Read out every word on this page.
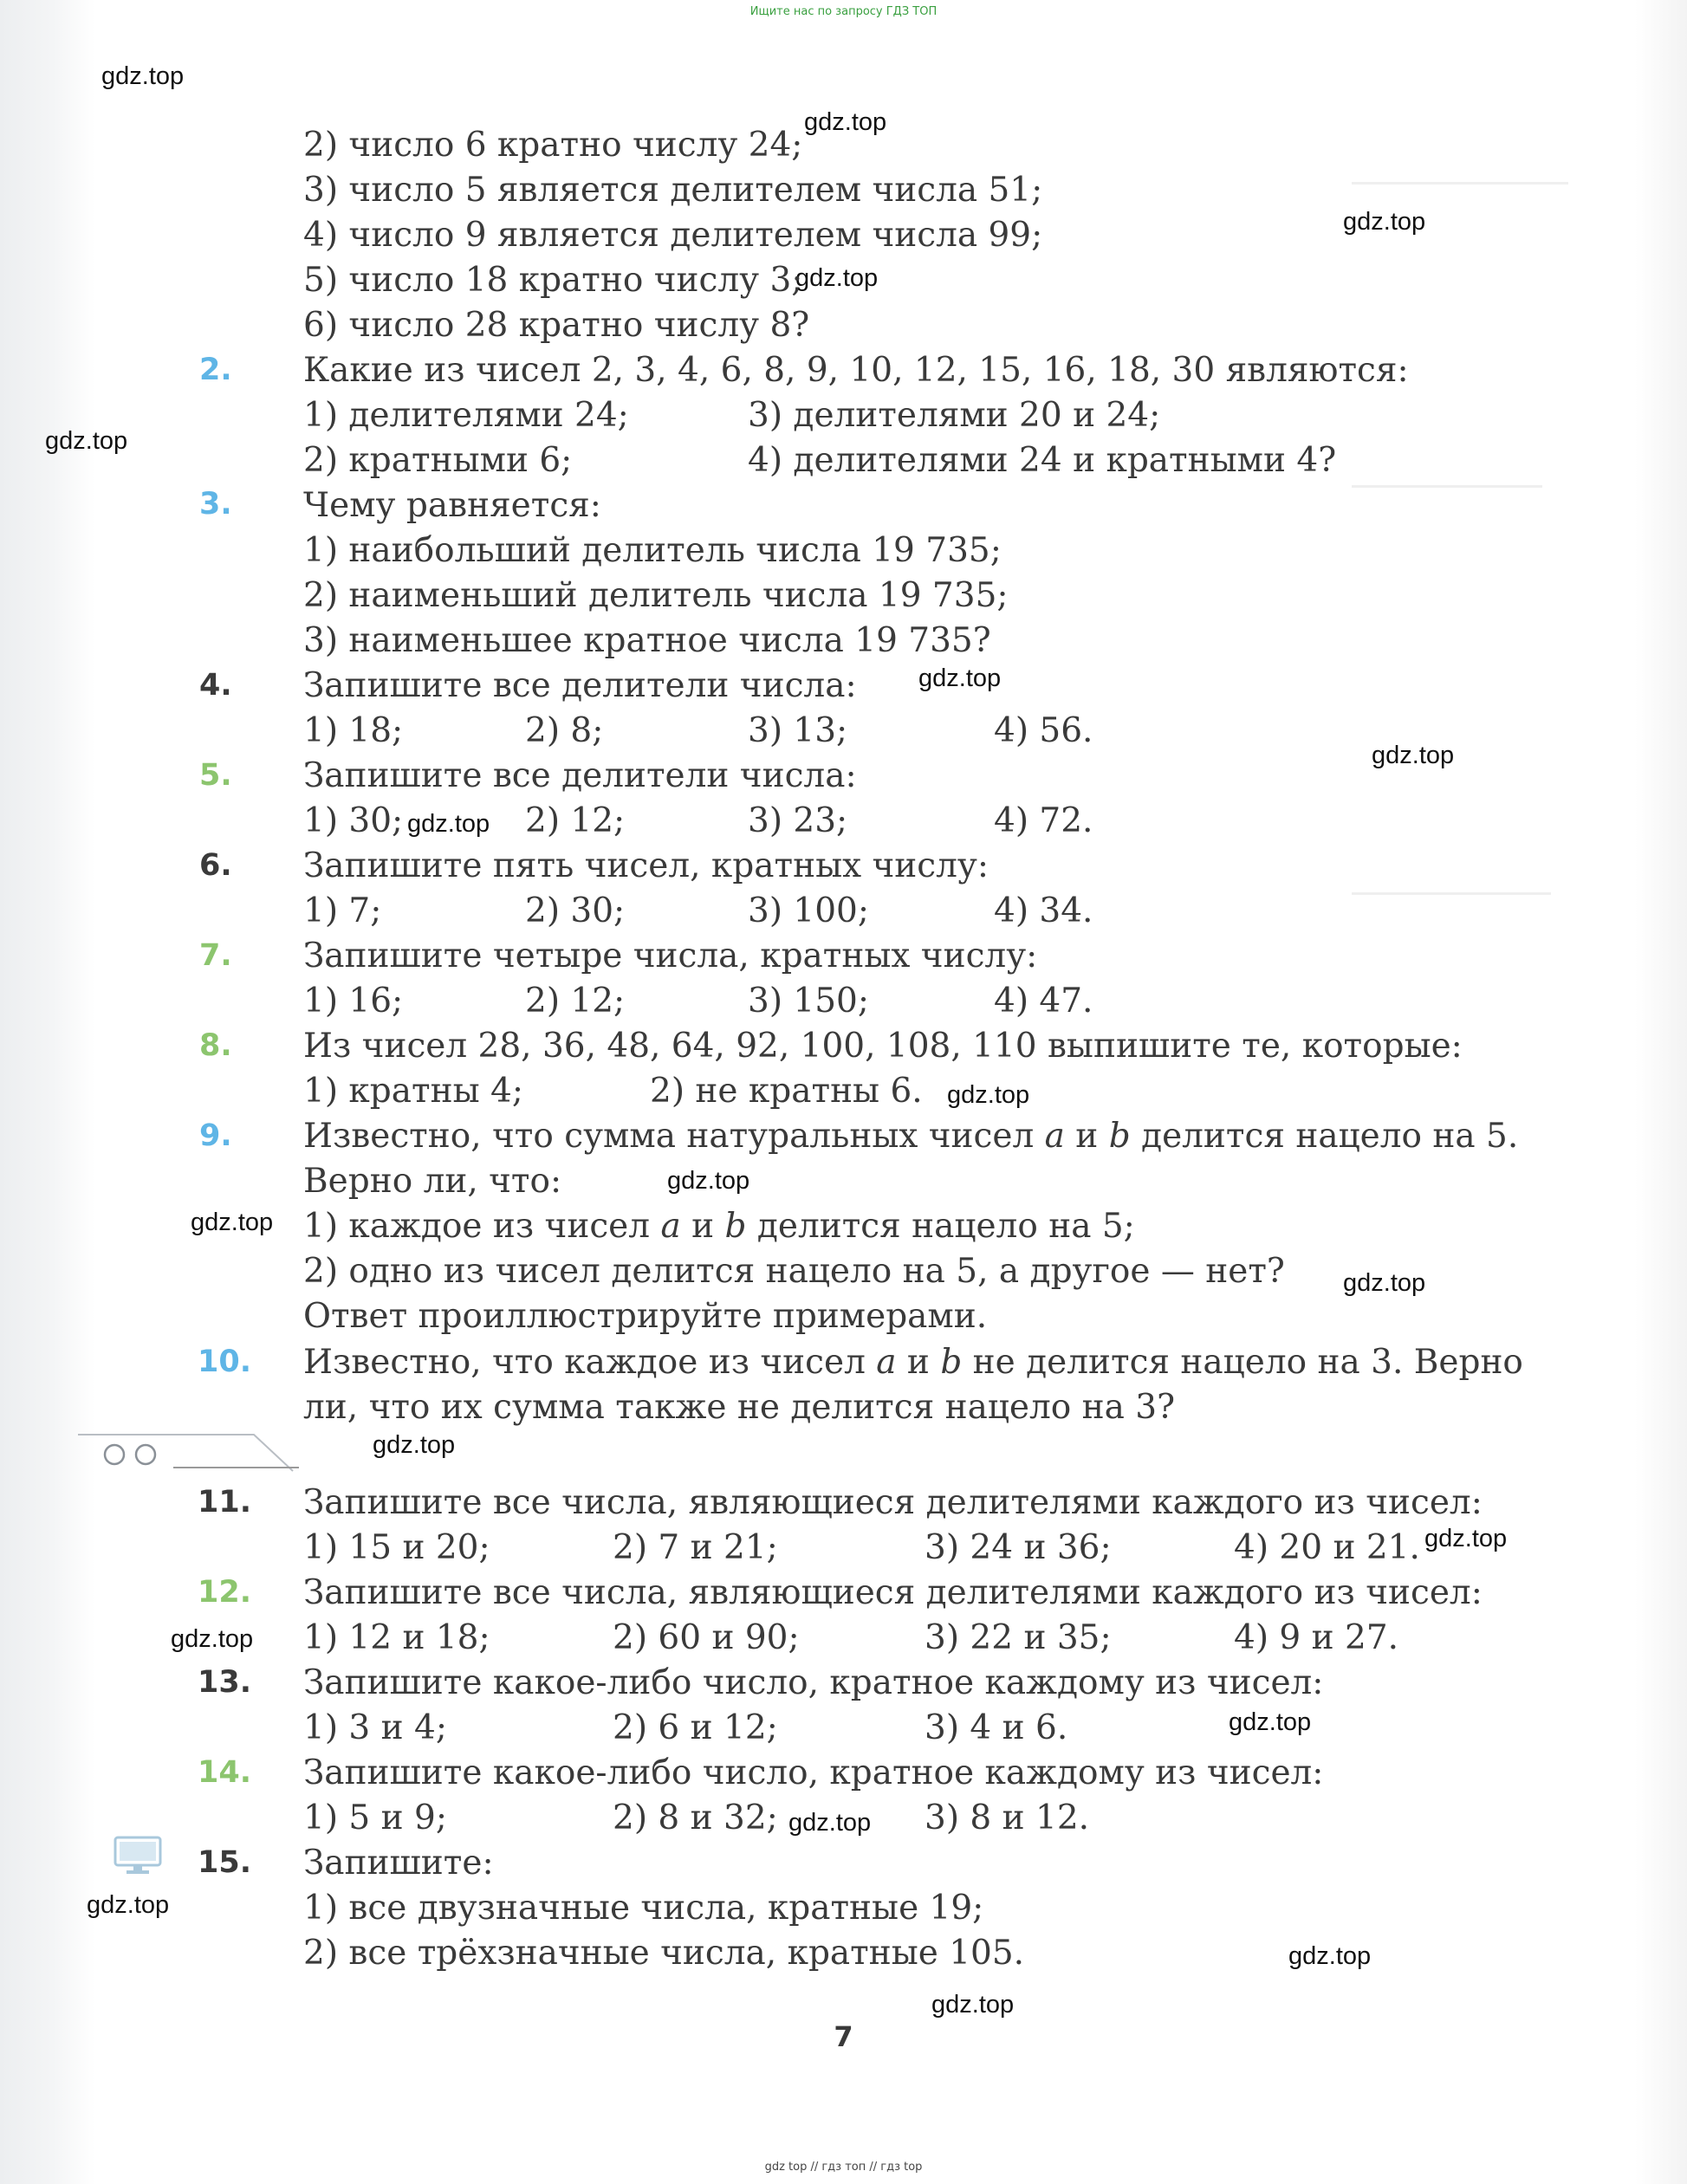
Ищите нас по запросу ГДЗ ТОП
gdz.top
gdz.top
gdz.top
gdz.top
gdz.top
gdz.top
gdz.top
gdz.top
gdz.top
gdz.top
gdz.top
gdz.top
gdz.top
gdz.top
gdz.top
gdz.top
gdz.top
gdz.top
gdz.top
gdz.top
2) число 6 кратно числу 24;
3) число 5 является делителем числа 51;
4) число 9 является делителем числа 99;
5) число 18 кратно числу 3;
6) число 28 кратно числу 8?
2. Какие из чисел 2, 3, 4, 6, 8, 9, 10, 12, 15, 16, 18, 30 являются:
1) делителями 24;	3) делителями 20 и 24;
2) кратными 6;	4) делителями 24 и кратными 4?
3. Чему равняется:
1) наибольший делитель числа 19 735;
2) наименьший делитель числа 19 735;
3) наименьшее кратное числа 19 735?
4. Запишите все делители числа:
1) 18;	2) 8;	3) 13;	4) 56.
5. Запишите все делители числа:
1) 30;	2) 12;	3) 23;	4) 72.
6. Запишите пять чисел, кратных числу:
1) 7;	2) 30;	3) 100;	4) 34.
7. Запишите четыре числа, кратных числу:
1) 16;	2) 12;	3) 150;	4) 47.
8. Из чисел 28, 36, 48, 64, 92, 100, 108, 110 выпишите те, которые:
1) кратны 4;	2) не кратны 6.
9. Известно, что сумма натуральных чисел a и b делится нацело на 5.
Верно ли, что:
1) каждое из чисел a и b делится нацело на 5;
2) одно из чисел делится нацело на 5, а другое — нет?
Ответ проиллюстрируйте примерами.
10. Известно, что каждое из чисел a и b не делится нацело на 3. Верно
ли, что их сумма также не делится нацело на 3?
11. Запишите все числа, являющиеся делителями каждого из чисел:
1) 15 и 20;	2) 7 и 21;	3) 24 и 36;	4) 20 и 21.
12. Запишите все числа, являющиеся делителями каждого из чисел:
1) 12 и 18;	2) 60 и 90;	3) 22 и 35;	4) 9 и 27.
13. Запишите какое-либо число, кратное каждому из чисел:
1) 3 и 4;	2) 6 и 12;	3) 4 и 6.
14. Запишите какое-либо число, кратное каждому из чисел:
1) 5 и 9;	2) 8 и 32;	3) 8 и 12.
15. Запишите:
1) все двузначные числа, кратные 19;
2) все трёхзначные числа, кратные 105.
7
gdz top // гдз топ // гдз top
